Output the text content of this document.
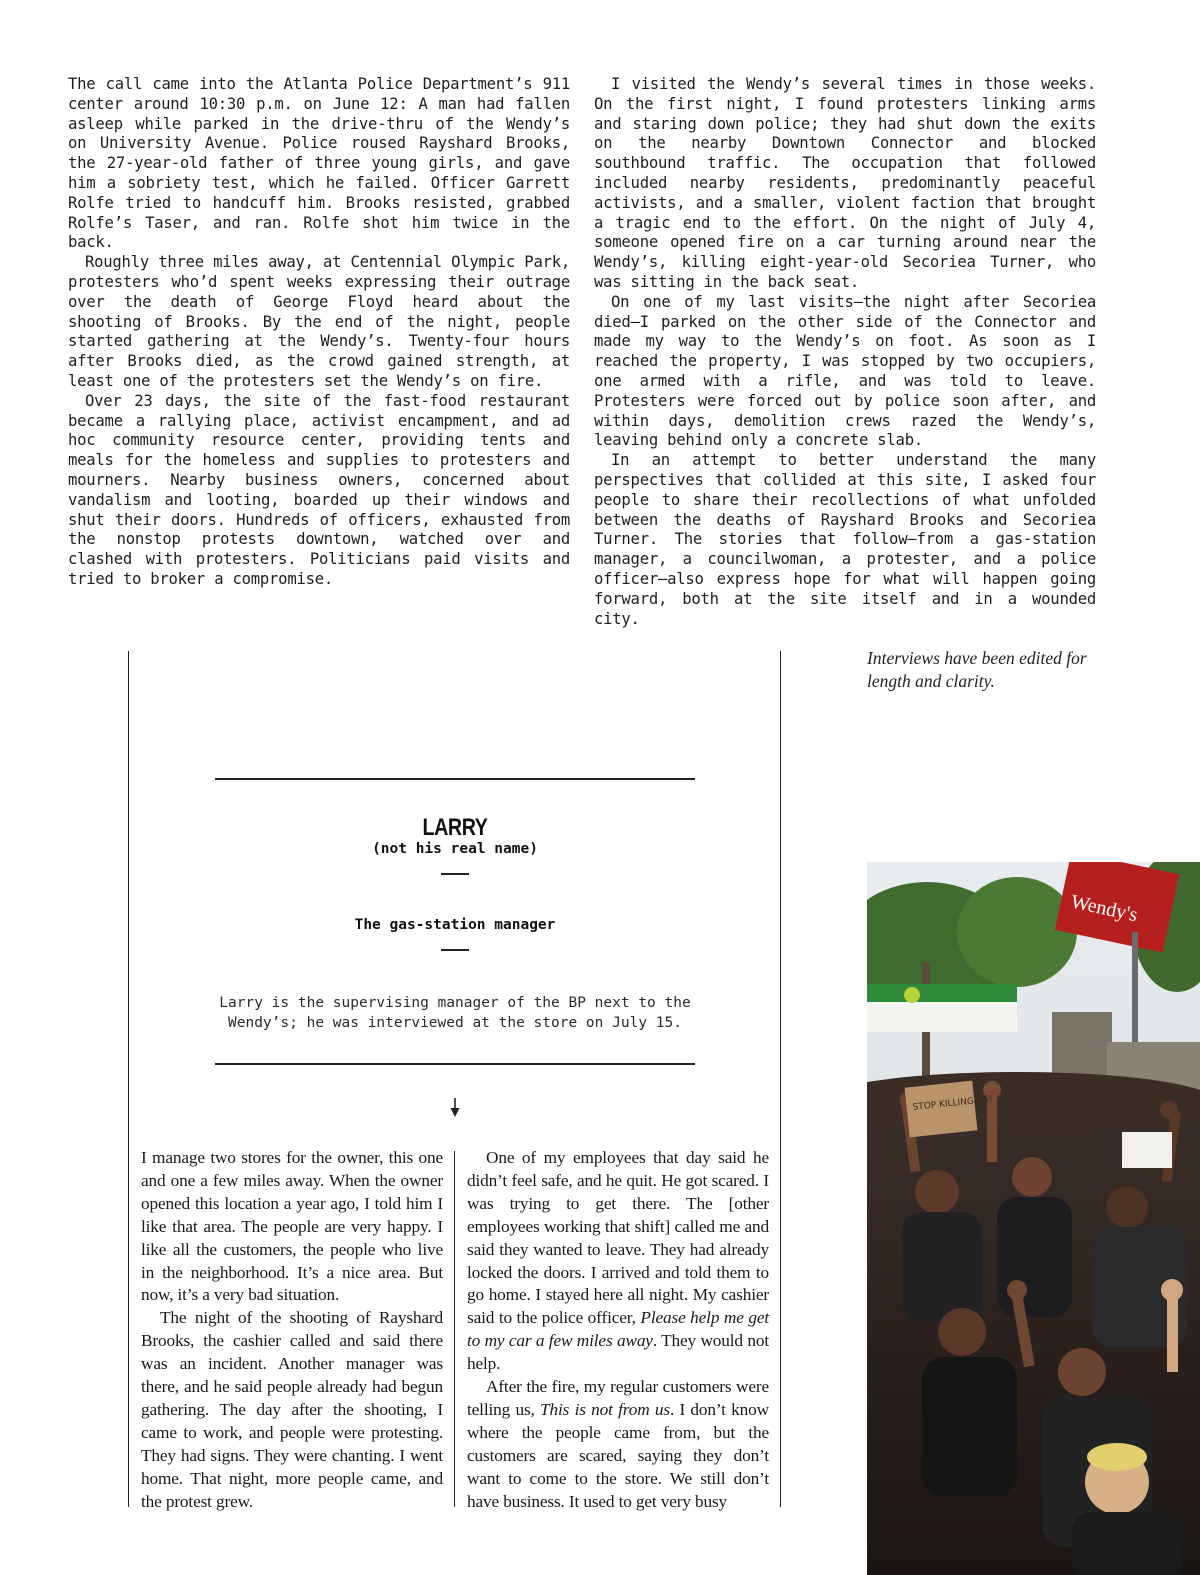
The call came into the Atlanta Police Department’s 911 center around 10:30 p.m. on June 12: A man had fallen asleep while parked in the drive-thru of the Wendy’s on University Avenue. Police roused Rayshard Brooks, the 27-year-old father of three young girls, and gave him a sobriety test, which he failed. Officer Garrett Rolfe tried to handcuff him. Brooks resisted, grabbed Rolfe’s Taser, and ran. Rolfe shot him twice in the back.

Roughly three miles away, at Centennial Olympic Park, protesters who’d spent weeks expressing their outrage over the death of George Floyd heard about the shooting of Brooks. By the end of the night, people started gathering at the Wendy’s. Twenty-four hours after Brooks died, as the crowd gained strength, at least one of the protesters set the Wendy’s on fire.

Over 23 days, the site of the fast-food restaurant became a rallying place, activist encampment, and ad hoc community resource center, providing tents and meals for the homeless and supplies to protesters and mourners. Nearby business owners, concerned about vandalism and looting, boarded up their windows and shut their doors. Hundreds of officers, exhausted from the nonstop protests downtown, watched over and clashed with protesters. Politicians paid visits and tried to broker a compromise.

I visited the Wendy’s several times in those weeks. On the first night, I found protesters linking arms and staring down police; they had shut down the exits on the nearby Downtown Connector and blocked southbound traffic. The occupation that followed included nearby residents, predominantly peaceful activists, and a smaller, violent faction that brought a tragic end to the effort. On the night of July 4, someone opened fire on a car turning around near the Wendy’s, killing eight-year-old Secoriea Turner, who was sitting in the back seat.

On one of my last visits—the night after Secoriea died—I parked on the other side of the Connector and made my way to the Wendy’s on foot. As soon as I reached the property, I was stopped by two occupiers, one armed with a rifle, and was told to leave. Protesters were forced out by police soon after, and within days, demolition crews razed the Wendy’s, leaving behind only a concrete slab.

In an attempt to better understand the many perspectives that collided at this site, I asked four people to share their recollections of what unfolded between the deaths of Rayshard Brooks and Secoriea Turner. The stories that follow—from a gas-station manager, a councilwoman, a protester, and a police officer—also express hope for what will happen going forward, both at the site itself and in a wounded city.

Interviews have been edited for length and clarity.
LARRY
(not his real name)
The gas-station manager
Larry is the supervising manager of the BP next to the Wendy’s; he was interviewed at the store on July 15.

I manage two stores for the owner, this one and one a few miles away. When the owner opened this location a year ago, I told him I like that area. The people are very happy. I like all the customers, the people who live in the neighborhood. It’s a nice area. But now, it’s a very bad situation.

The night of the shooting of Rayshard Brooks, the cashier called and said there was an incident. Another manager was there, and he said people already had begun gathering. The day after the shooting, I came to work, and people were protesting. They had signs. They were chanting. I went home. That night, more people came, and the protest grew.

One of my employees that day said he didn’t feel safe, and he quit. He got scared. I was trying to get there. The [other employees working that shift] called me and said they wanted to leave. They had already locked the doors. I arrived and told them to go home. I stayed here all night. My cashier said to the police officer, Please help me get to my car a few miles away. They would not help.

After the fire, my regular customers were telling us, This is not from us. I don’t know where the people came from, but the customers are scared, saying they don’t want to come to the store. We still don’t have business. It used to get very busy

Wendy's
STOP KILLING US!
